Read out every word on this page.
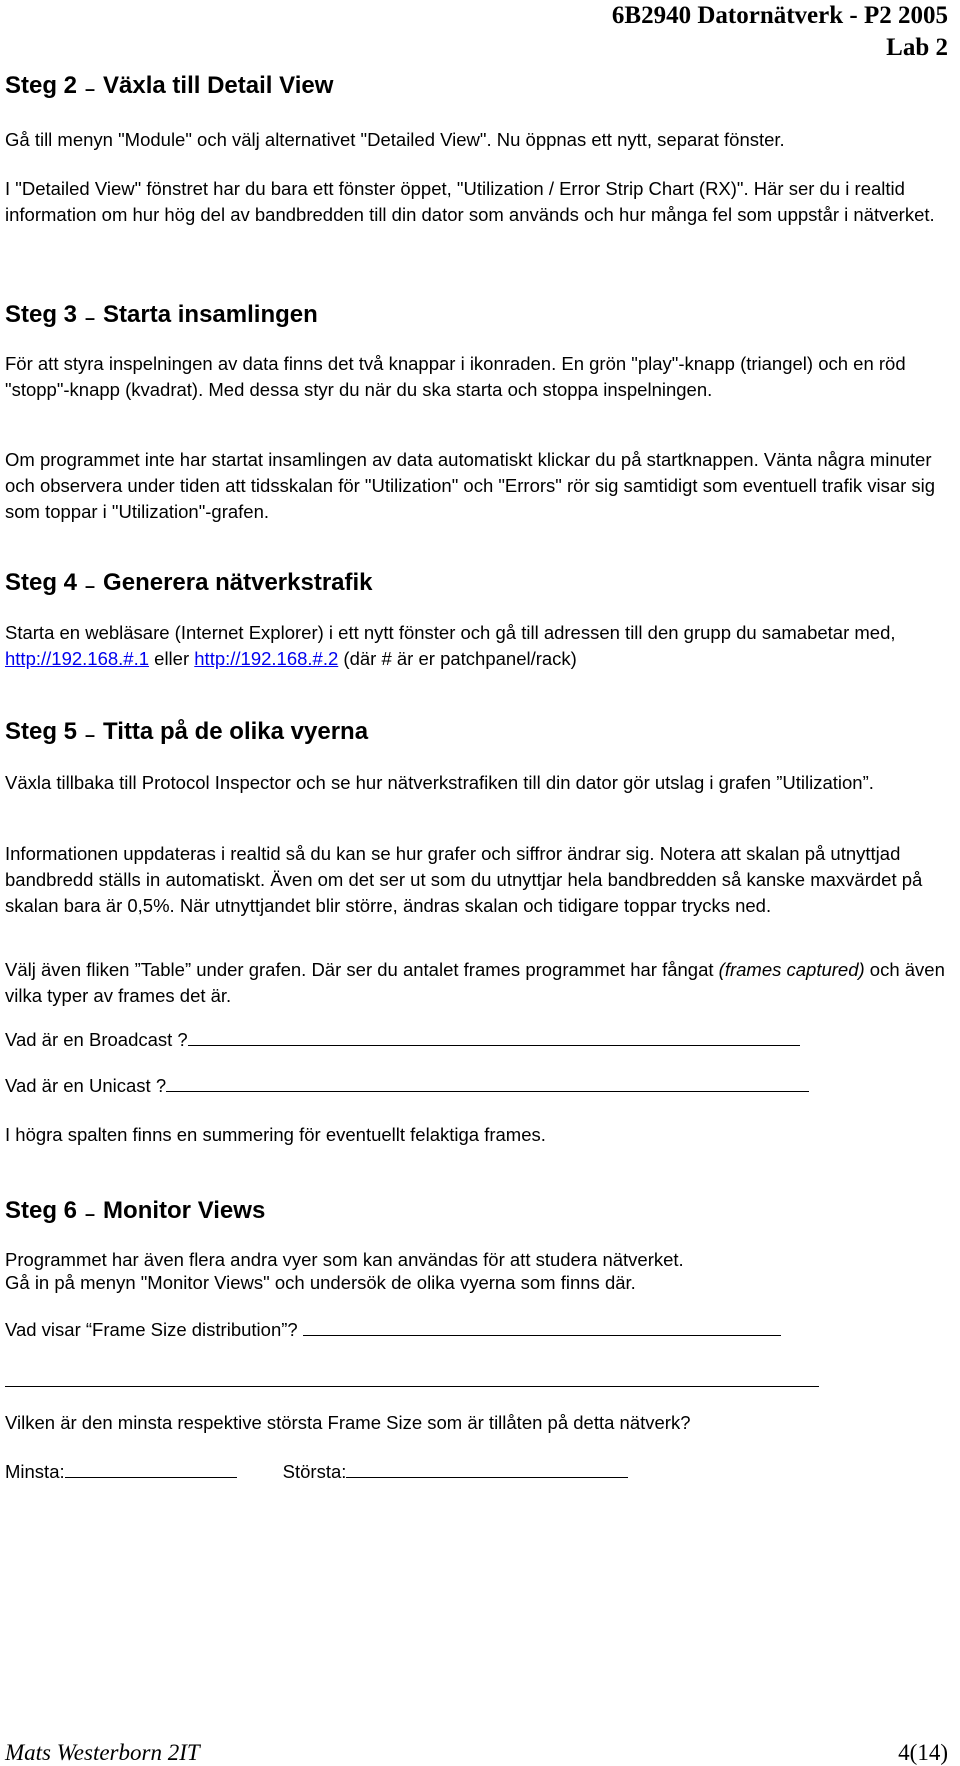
6B2940 Datornätverk - P2 2005
Lab 2
Steg 2 – Växla till Detail View

Gå till menyn "Module" och välj alternativet "Detailed View". Nu öppnas ett nytt, separat fönster.

I "Detailed View" fönstret har du bara ett fönster öppet, "Utilization / Error Strip Chart (RX)". Här ser du i realtid information om hur hög del av bandbredden till din dator som används och hur många fel som uppstår i nätverket.

Steg 3 – Starta insamlingen

För att styra inspelningen av data finns det två knappar i ikonraden. En grön "play"-knapp (triangel) och en röd "stopp"-knapp (kvadrat). Med dessa styr du när du ska starta och stoppa inspelningen.

Om programmet inte har startat insamlingen av data automatiskt klickar du på startknappen. Vänta några minuter och observera under tiden att tidsskalan för "Utilization" och "Errors" rör sig samtidigt som eventuell trafik visar sig som toppar i "Utilization"-grafen.

Steg 4 – Generera nätverkstrafik

Starta en webläsare (Internet Explorer) i ett nytt fönster och gå till adressen till den grupp du samabetar med, http://192.168.#.1 eller http://192.168.#.2 (där # är er patchpanel/rack)

Steg 5 – Titta på de olika vyerna

Växla tillbaka till Protocol Inspector och se hur nätverkstrafiken till din dator gör utslag i grafen ”Utilization”.

Informationen uppdateras i realtid så du kan se hur grafer och siffror ändrar sig. Notera att skalan på utnyttjad bandbredd ställs in automatiskt. Även om det ser ut som du utnyttjar hela bandbredden så kanske maxvärdet på skalan bara är 0,5%. När utnyttjandet blir större, ändras skalan och tidigare toppar trycks ned.

Välj även fliken ”Table” under grafen. Där ser du antalet frames programmet har fångat (frames captured) och även vilka typer av frames det är.

Vad är en Broadcast ?

Vad är en Unicast ?

I högra spalten finns en summering för eventuellt felaktiga frames.

Steg 6 – Monitor Views

Programmet har även flera andra vyer som kan användas för att studera nätverket.

Gå in på menyn "Monitor Views" och undersök de olika vyerna som finns där.

Vad visar “Frame Size distribution”?

Vilken är den minsta respektive största Frame Size som är tillåten på detta nätverk?

Minsta:	Största:

Mats Westerborn 2IT	4(14)
